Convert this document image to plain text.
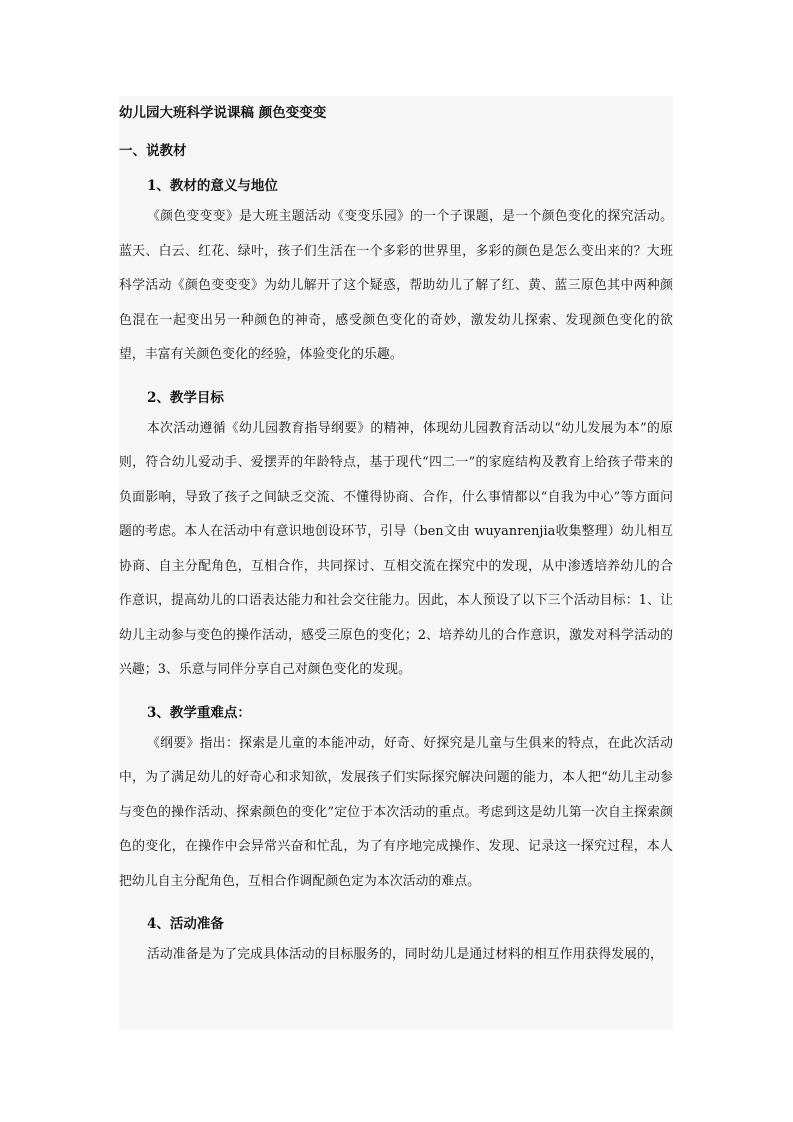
幼儿园大班科学说课稿 颜色变变变
一、说教材
1、教材的意义与地位

《颜色变变变》是大班主题活动《变变乐园》的一个子课题，是一个颜色变化的探究活动。蓝天、白云、红花、绿叶，孩子们生活在一个多彩的世界里，多彩的颜色是怎么变出来的？大班科学活动《颜色变变变》为幼儿解开了这个疑惑，帮助幼儿了解了红、黄、蓝三原色其中两种颜色混在一起变出另一种颜色的神奇，感受颜色变化的奇妙，激发幼儿探索、发现颜色变化的欲望，丰富有关颜色变化的经验，体验变化的乐趣。

2、教学目标

本次活动遵循《幼儿园教育指导纲要》的精神，体现幼儿园教育活动以“幼儿发展为本”的原则，符合幼儿爱动手、爱摆弄的年龄特点，基于现代“四二一”的家庭结构及教育上给孩子带来的负面影响，导致了孩子之间缺乏交流、不懂得协商、合作，什么事情都以“自我为中心”等方面问题的考虑。本人在活动中有意识地创设环节，引导（ben文由 wuyanrenjia收集整理）幼儿相互协商、自主分配角色，互相合作，共同探讨、互相交流在探究中的发现，从中渗透培养幼儿的合作意识，提高幼儿的口语表达能力和社会交往能力。因此，本人预设了以下三个活动目标：1、让幼儿主动参与变色的操作活动，感受三原色的变化；2、培养幼儿的合作意识，激发对科学活动的兴趣；3、乐意与同伴分享自己对颜色变化的发现。

3、教学重难点：

《纲要》指出：探索是儿童的本能冲动，好奇、好探究是儿童与生俱来的特点，在此次活动中，为了满足幼儿的好奇心和求知欲，发展孩子们实际探究解决问题的能力，本人把“幼儿主动参与变色的操作活动、探索颜色的变化”定位于本次活动的重点。考虑到这是幼儿第一次自主探索颜色的变化，在操作中会异常兴奋和忙乱，为了有序地完成操作、发现、记录这一探究过程，本人把幼儿自主分配角色，互相合作调配颜色定为本次活动的难点。

4、活动准备

活动准备是为了完成具体活动的目标服务的，同时幼儿是通过材料的相互作用获得发展的，
